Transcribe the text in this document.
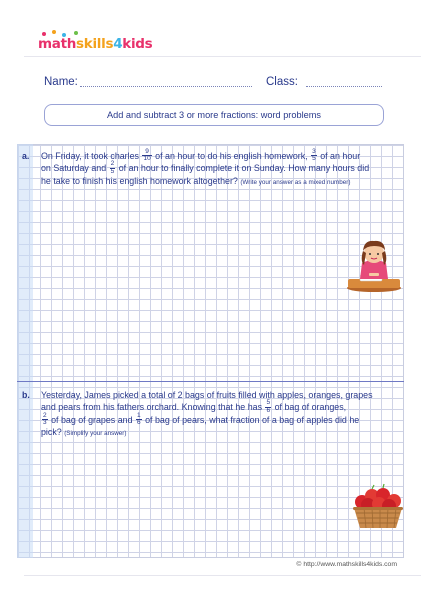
mathskills4kids
Name:	Class:
Add and subtract 3 or more fractions: word problems
a. On Friday, it took charles $\frac{9}{10}$ of an hour to do his english homework, $\frac{3}{5}$ of an hour
on Saturday and $\frac{2}{5}$ of an hour to finally complete it on Sunday. How many hours did
he take to finish his english homework altogether? (Write your answer as a mixed number)
b. Yesterday, James picked a total of 2 bags of fruits filled with apples, oranges, grapes
and pears from his fathers orchard. Knowing that he has $\frac{5}{6}$ of bag of oranges,
$\frac{2}{3}$ of bag of grapes and $\frac{1}{6}$ of bag of pears, what fraction of a bag of apples did he
pick? (Simplify your answer)
© http://www.mathskills4kids.com
